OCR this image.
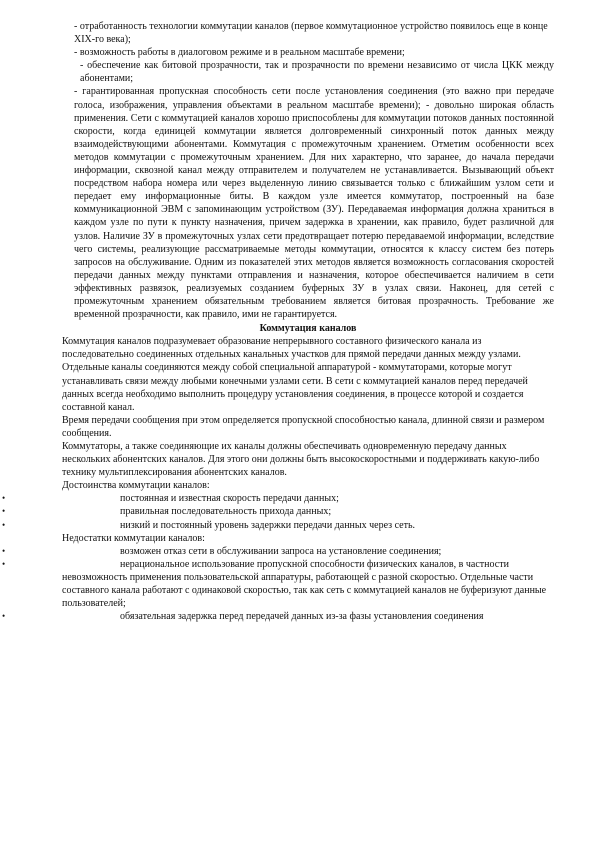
- отработанность технологии коммутации каналов (первое коммутационное устройство появилось еще в конце XIX-го века);

- возможность работы в диалоговом режиме и в реальном масштабе времени;

- обеспечение как битовой прозрачности, так и прозрачности по времени независимо от числа ЦКК между абонентами;

- гарантированная пропускная способность сети после установления соединения (это важно при передаче голоса, изображения, управления объектами в реальном масштабе времени); - довольно широкая область применения. Сети с коммутацией каналов хорошо приспособлены для коммутации потоков данных постоянной скорости, когда единицей коммутации является долговременный синхронный поток данных между взаимодействующими абонентами. Коммутация с промежуточным хранением. Отметим особенности всех методов коммутации с промежуточным хранением. Для них характерно, что заранее, до начала передачи информации, сквозной канал между отправителем и получателем не устанавливается. Вызывающий объект посредством набора номера или через выделенную линию связывается только с ближайшим узлом сети и передает ему информационные биты. В каждом узле имеется коммутатор, построенный на базе коммуникационной ЭВМ с запоминающим устройством (ЗУ). Передаваемая информация должна храниться в каждом узле по пути к пункту назначения, причем задержка в хранении, как правило, будет различной для узлов. Наличие ЗУ в промежуточных узлах сети предотвращает потерю передаваемой информации, вследствие чего системы, реализующие рассматриваемые методы коммутации, относятся к классу систем без потерь запросов на обслуживание. Одним из показателей этих методов является возможность согласования скоростей передачи данных между пунктами отправления и назначения, которое обеспечивается наличием в сети эффективных развязок, реализуемых созданием буферных ЗУ в узлах связи. Наконец, для сетей с промежуточным хранением обязательным требованием является битовая прозрачность. Требование же временной прозрачности, как правило, ими не гарантируется.

Коммутация каналов

Коммутация каналов подразумевает образование непрерывного составного физического канала из последовательно соединенных отдельных канальных участков для прямой передачи данных между узлами. Отдельные каналы соединяются между собой специальной аппаратурой - коммутаторами, которые могут устанавливать связи между любыми конечными узлами сети. В сети с коммутацией каналов перед передачей данных всегда необходимо выполнить процедуру установления соединения, в процессе которой и создается составной канал.

Время передачи сообщения при этом определяется пропускной способностью канала, длинной связи и размером сообщения.

Коммутаторы, а также соединяющие их каналы должны обеспечивать одновременную передачу данных нескольких абонентских каналов. Для этого они должны быть высокоскоростными и поддерживать какую-либо технику мультиплексирования абонентских каналов.

Достоинства коммутации каналов:

•	постоянная и известная скорость передачи данных;
•	правильная последовательность прихода данных;
•	низкий и постоянный уровень задержки передачи данных через сеть.

Недостатки коммутации каналов:

•	возможен отказ сети в обслуживании запроса на установление соединения;
•	нерациональное использование пропускной способности физических каналов, в частности невозможность применения пользовательской аппаратуры, работающей с разной скоростью. Отдельные части составного канала работают с одинаковой скоростью, так как сеть с коммутацией каналов не буферизуют данные пользователей;
•	обязательная задержка перед передачей данных из-за фазы установления соединения
